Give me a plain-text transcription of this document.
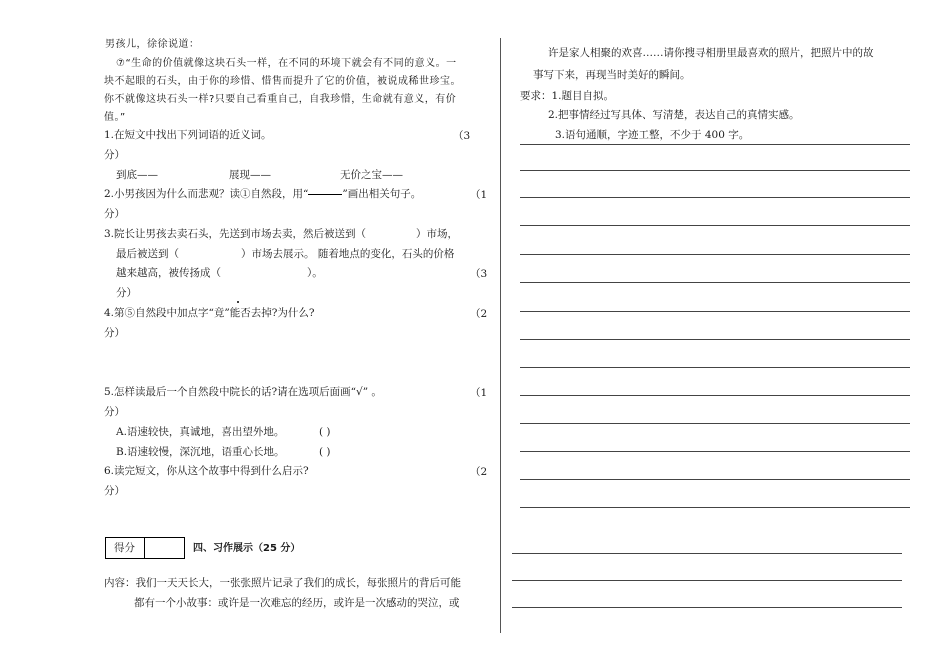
男孩儿，徐徐说道：
⑦“生命的价值就像这块石头一样，在不同的环境下就会有不同的意义。一
块不起眼的石头，由于你的珍惜、惜售而提升了它的价值，被说成稀世珍宝。
你不就像这块石头一样?只要自己看重自己，自我珍惜，生命就有意义，有价
值。”
1.在短文中找出下列词语的近义词。	（3
分）
到底——	展现——	无价之宝——
2.小男孩因为什么而悲观？读①自然段，用“	”画出相关句子。	（1
分）
3.院长让男孩去卖石头，先送到市场去卖，然后被送到（	）市场，
最后被送到（	）市场去展示。 随着地点的变化，石头的价格
越来越高，被传扬成（	）。	（3
分）
4.第⑤自然段中加点字“竟”能否去掉?为什么?	（2
分）
5.怎样读最后一个自然段中院长的话?请在选项后面画“√” 。	（1
分）
A.语速较快，真诚地，喜出望外地。	( )
B.语速较慢，深沉地，语重心长地。	( )
6.读完短文，你从这个故事中得到什么启示?	（2
分）
得分	四、习作展示（25 分）
内容：我们一天天长大，一张张照片记录了我们的成长，每张照片的背后可能
都有一个小故事：或许是一次难忘的经历，或许是一次感动的哭泣，或
许是家人相聚的欢喜……请你搜寻相册里最喜欢的照片，把照片中的故
事写下来，再现当时美好的瞬间。
要求：1.题目自拟。
2.把事情经过写具体、写清楚，表达自己的真情实感。
3.语句通顺，字迹工整，不少于 400 字。
